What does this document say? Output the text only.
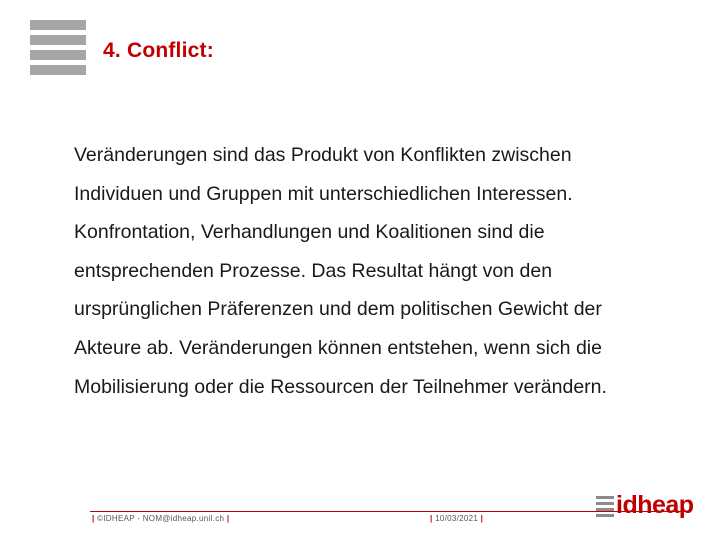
4. Conflict:

Veränderungen sind das Produkt von Konflikten zwischen

Individuen und Gruppen mit unterschiedlichen Interessen.

Konfrontation, Verhandlungen und Koalitionen sind die

entsprechenden Prozesse. Das Resultat hängt von den

ursprünglichen Präferenzen und dem politischen Gewicht der

Akteure ab. Veränderungen können entstehen, wenn sich die

Mobilisierung oder die Ressourcen der Teilnehmer verändern.

| ©IDHEAP - NOM@idheap.unil.ch |	| 10/03/2021 |	idheap
